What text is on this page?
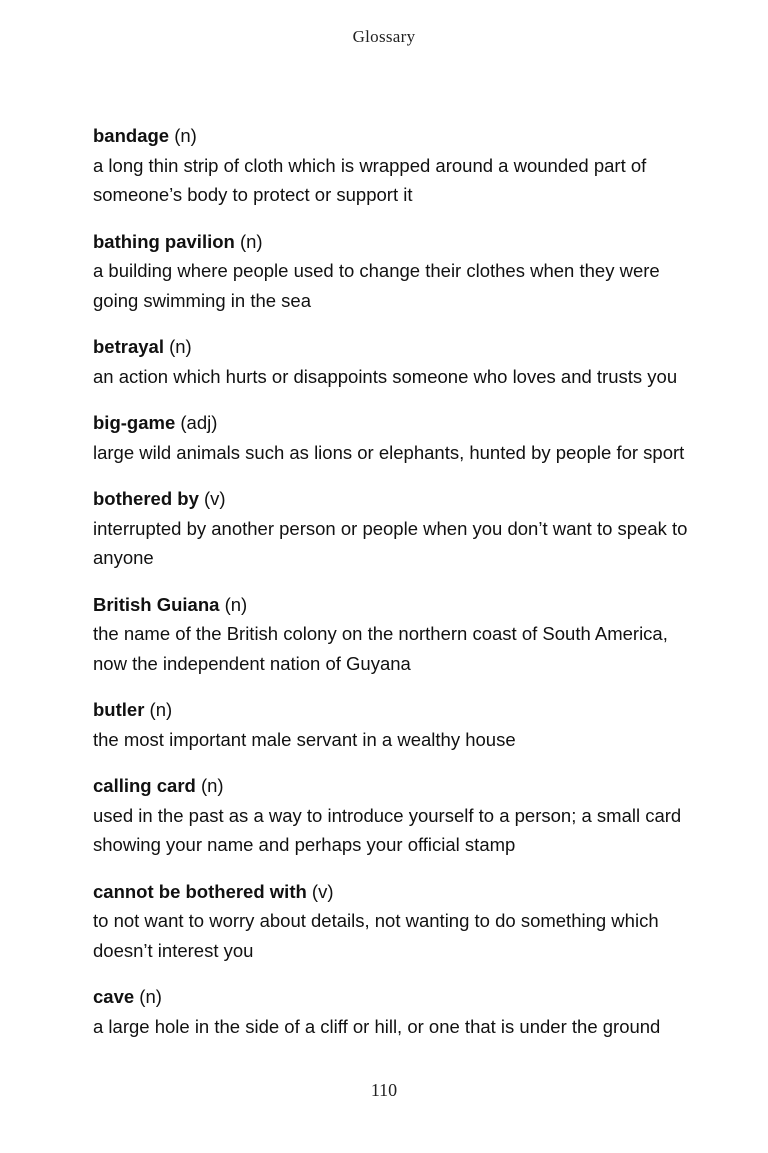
Glossary
bandage (n)
a long thin strip of cloth which is wrapped around a wounded part of someone’s body to protect or support it
bathing pavilion (n)
a building where people used to change their clothes when they were going swimming in the sea
betrayal (n)
an action which hurts or disappoints someone who loves and trusts you
big-game (adj)
large wild animals such as lions or elephants, hunted by people for sport
bothered by (v)
interrupted by another person or people when you don’t want to speak to anyone
British Guiana (n)
the name of the British colony on the northern coast of South America, now the independent nation of Guyana
butler (n)
the most important male servant in a wealthy house
calling card (n)
used in the past as a way to introduce yourself to a person; a small card showing your name and perhaps your official stamp
cannot be bothered with (v)
to not want to worry about details, not wanting to do something which doesn’t interest you
cave (n)
a large hole in the side of a cliff or hill, or one that is under the ground
110
